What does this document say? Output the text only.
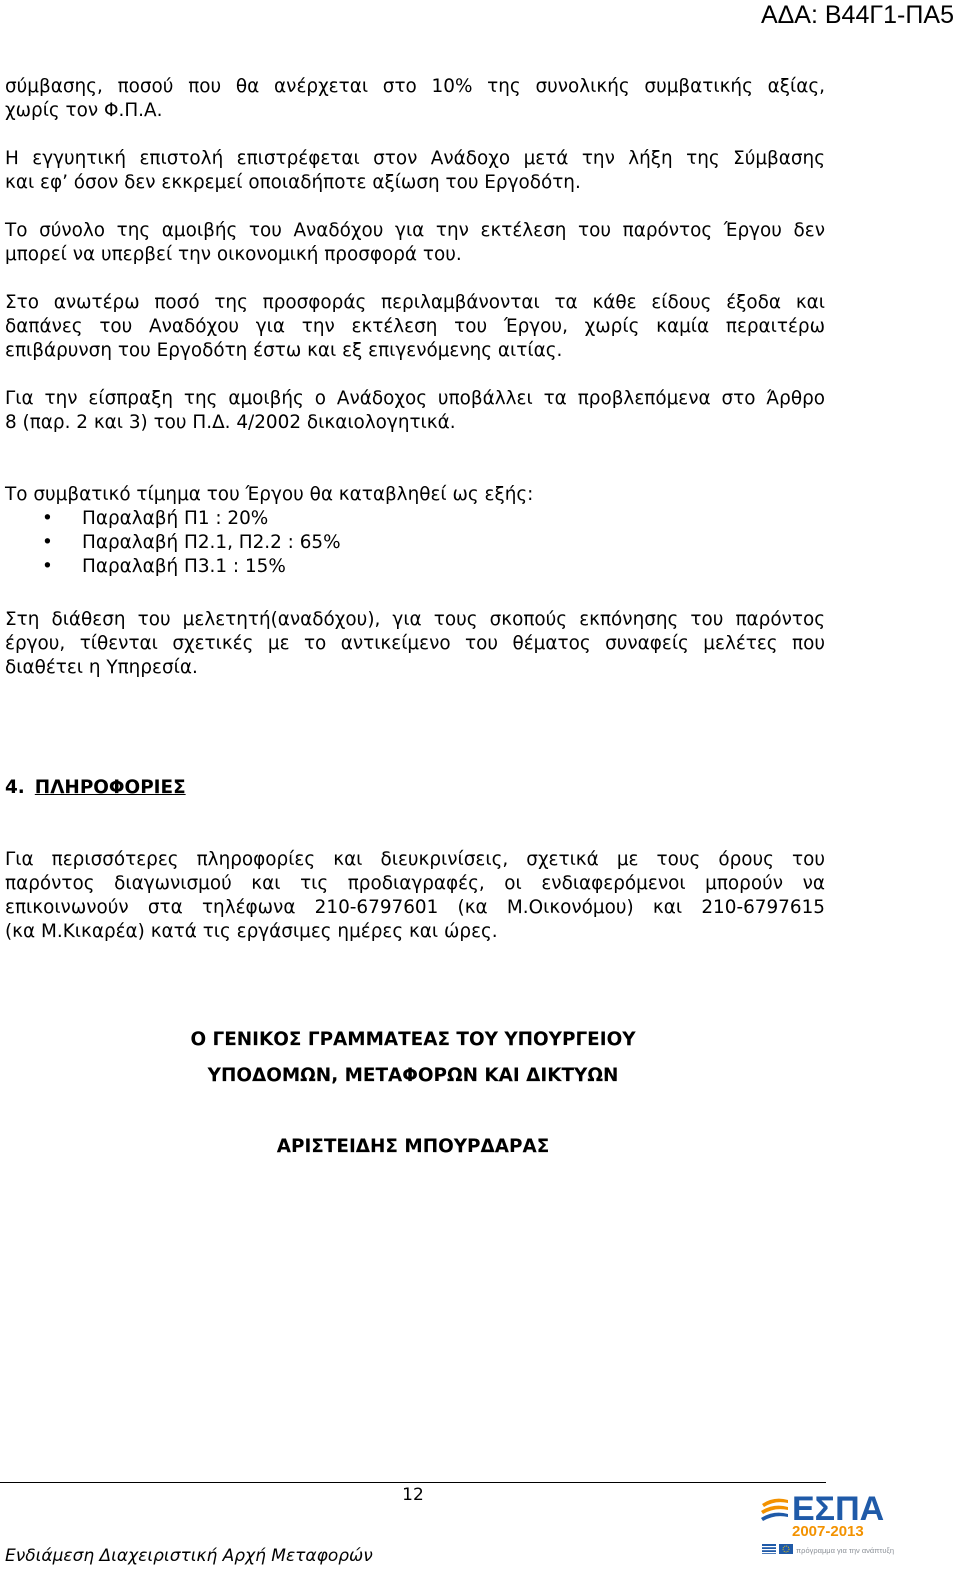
ΑΔΑ: Β44Γ1-ΠΑ5
σύμβασης, ποσού που θα ανέρχεται στο 10% της συνολικής συμβατικής αξίας,
χωρίς τον Φ.Π.Α.
Η εγγυητική επιστολή επιστρέφεται στον Ανάδοχο μετά την λήξη της Σύμβασης
και εφ’ όσον δεν εκκρεμεί οποιαδήποτε αξίωση του Εργοδότη.
Το σύνολο της αμοιβής του Αναδόχου για την εκτέλεση του παρόντος Έργου δεν
μπορεί να υπερβεί την οικονομική προσφορά του.
Στο ανωτέρω ποσό της προσφοράς περιλαμβάνονται τα κάθε είδους έξοδα και
δαπάνες του Αναδόχου για την εκτέλεση του Έργου, χωρίς καμία περαιτέρω
επιβάρυνση του Εργοδότη έστω και εξ επιγενόμενης αιτίας.
Για την είσπραξη της αμοιβής ο Ανάδοχος υποβάλλει τα προβλεπόμενα στο Άρθρο
8 (παρ. 2 και 3) του Π.Δ. 4/2002 δικαιολογητικά.
Το συμβατικό τίμημα του Έργου θα καταβληθεί ως εξής:
• Παραλαβή Π1 : 20%
• Παραλαβή Π2.1, Π2.2 : 65%
• Παραλαβή Π3.1 : 15%
Στη διάθεση του μελετητή(αναδόχου), για τους σκοπούς εκπόνησης του παρόντος
έργου, τίθενται σχετικές με το αντικείμενο του θέματος συναφείς μελέτες που
διαθέτει η Υπηρεσία.
4. ΠΛΗΡΟΦΟΡΙΕΣ
Για περισσότερες πληροφορίες και διευκρινίσεις, σχετικά με τους όρους του
παρόντος διαγωνισμού και τις προδιαγραφές, οι ενδιαφερόμενοι μπορούν να
επικοινωνούν στα τηλέφωνα 210-6797601 (κα Μ.Οικονόμου) και 210-6797615
(κα Μ.Κικαρέα) κατά τις εργάσιμες ημέρες και ώρες.
Ο ΓΕΝΙΚΟΣ ΓΡΑΜΜΑΤΕΑΣ ΤΟΥ ΥΠΟΥΡΓΕΙΟΥ
ΥΠΟΔΟΜΩΝ, ΜΕΤΑΦΟΡΩΝ ΚΑΙ ΔΙΚΤΥΩΝ
ΑΡΙΣΤΕΙΔΗΣ ΜΠΟΥΡΔΑΡΑΣ
12	ΕΣΠΑ
2007-2013
πρόγραμμα για την ανάπτυξη
Ενδιάμεση Διαχειριστική Αρχή Μεταφορών
